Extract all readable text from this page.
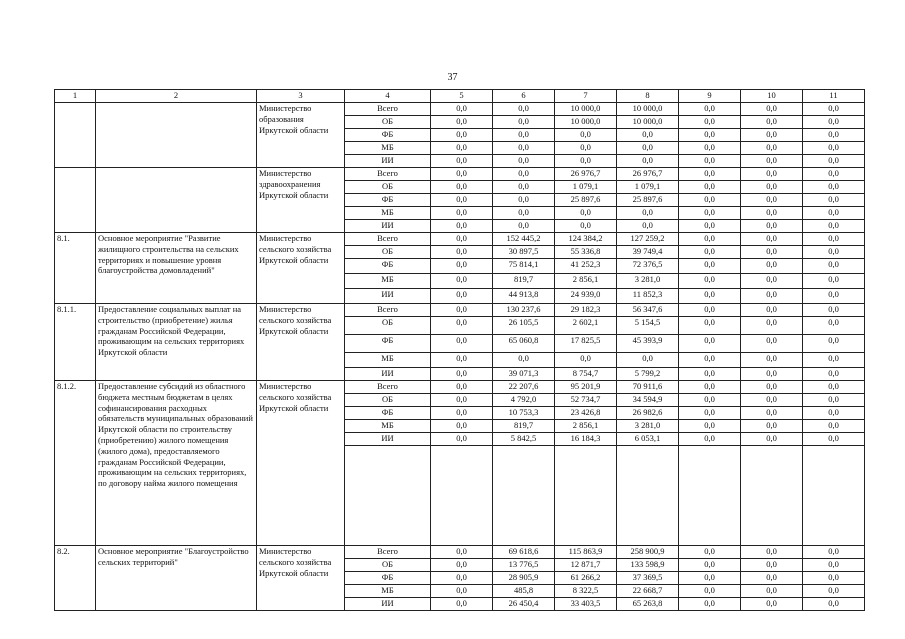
37
1	2	3	4	5	6	7	8	9	10	11
		Министерство образования Иркутской области	Всего	0,0	0,0	10 000,0	10 000,0	0,0	0,0	0,0
			ОБ	0,0	0,0	10 000,0	10 000,0	0,0	0,0	0,0
			ФБ	0,0	0,0	0,0	0,0	0,0	0,0	0,0
			МБ	0,0	0,0	0,0	0,0	0,0	0,0	0,0
			ИИ	0,0	0,0	0,0	0,0	0,0	0,0	0,0
		Министерство здравоохранения Иркутской области	Всего	0,0	0,0	26 976,7	26 976,7	0,0	0,0	0,0
			ОБ	0,0	0,0	1 079,1	1 079,1	0,0	0,0	0,0
			ФБ	0,0	0,0	25 897,6	25 897,6	0,0	0,0	0,0
			МБ	0,0	0,0	0,0	0,0	0,0	0,0	0,0
			ИИ	0,0	0,0	0,0	0,0	0,0	0,0	0,0
8.1.	Основное мероприятие "Развитие жилищного строительства на сельских территориях и повышение уровня благоустройства домовладений"	Министерство сельского хозяйства Иркутской области	Всего	0,0	152 445,2	124 384,2	127 259,2	0,0	0,0	0,0
			ОБ	0,0	30 897,5	55 336,8	39 749,4	0,0	0,0	0,0
			ФБ	0,0	75 814,1	41 252,3	72 376,5	0,0	0,0	0,0
			МБ	0,0	819,7	2 856,1	3 281,0	0,0	0,0	0,0
			ИИ	0,0	44 913,8	24 939,0	11 852,3	0,0	0,0	0,0
8.1.1.	Предоставление социальных выплат на строительство (приобретение) жилья гражданам Российской Федерации, проживающим на сельских территориях Иркутской области	Министерство сельского хозяйства Иркутской области	Всего	0,0	130 237,6	29 182,3	56 347,6	0,0	0,0	0,0
			ОБ	0,0	26 105,5	2 602,1	5 154,5	0,0	0,0	0,0
			ФБ	0,0	65 060,8	17 825,5	45 393,9	0,0	0,0	0,0
			МБ	0,0	0,0	0,0	0,0	0,0	0,0	0,0
			ИИ	0,0	39 071,3	8 754,7	5 799,2	0,0	0,0	0,0
8.1.2.	Предоставление субсидий из областного бюджета местным бюджетам в целях софинансирования расходных обязательств муниципальных образований Иркутской области по строительству (приобретению) жилого помещения (жилого дома), предоставляемого гражданам Российской Федерации, проживающим на сельских территориях, по договору найма жилого помещения	Министерство сельского хозяйства Иркутской области	Всего	0,0	22 207,6	95 201,9	70 911,6	0,0	0,0	0,0
			ОБ	0,0	4 792,0	52 734,7	34 594,9	0,0	0,0	0,0
			ФБ	0,0	10 753,3	23 426,8	26 982,6	0,0	0,0	0,0
			МБ	0,0	819,7	2 856,1	3 281,0	0,0	0,0	0,0
			ИИ	0,0	5 842,5	16 184,3	6 053,1	0,0	0,0	0,0

8.2.	Основное мероприятие "Благоустройство сельских территорий"	Министерство сельского хозяйства Иркутской области	Всего	0,0	69 618,6	115 863,9	258 900,9	0,0	0,0	0,0
			ОБ	0,0	13 776,5	12 871,7	133 598,9	0,0	0,0	0,0
			ФБ	0,0	28 905,9	61 266,2	37 369,5	0,0	0,0	0,0
			МБ	0,0	485,8	8 322,5	22 668,7	0,0	0,0	0,0
			ИИ	0,0	26 450,4	33 403,5	65 263,8	0,0	0,0	0,0
